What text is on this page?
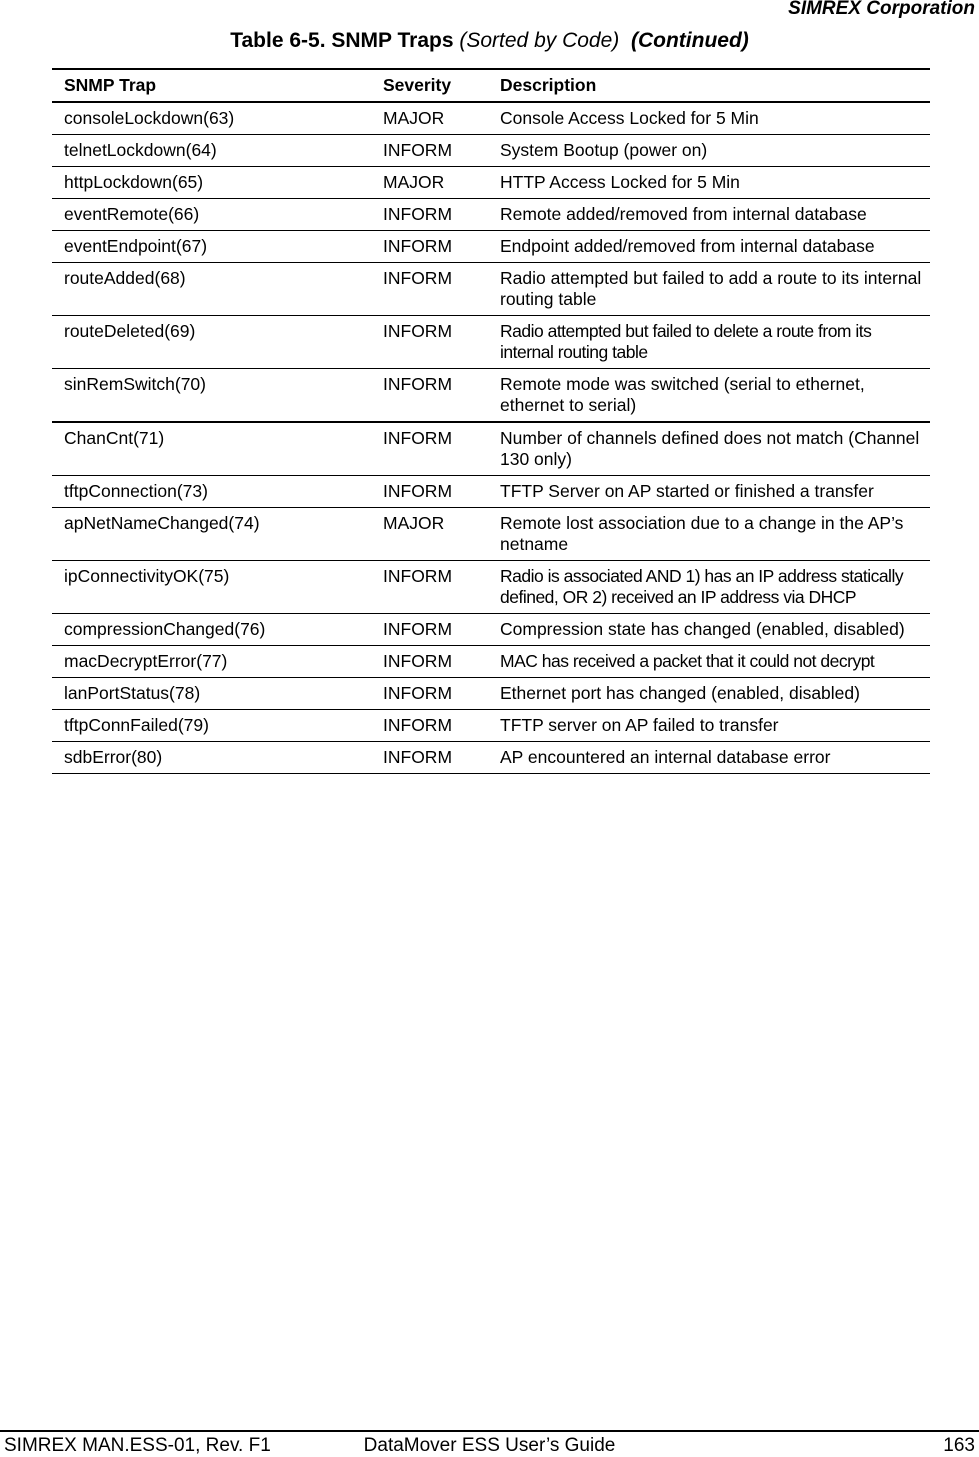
SIMREX Corporation
Table 6-5. SNMP Traps (Sorted by Code) (Continued)
SNMP Trap	Severity	Description
consoleLockdown(63)	MAJOR	Console Access Locked for 5 Min
telnetLockdown(64)	INFORM	System Bootup (power on)
httpLockdown(65)	MAJOR	HTTP Access Locked for 5 Min
eventRemote(66)	INFORM	Remote added/removed from internal database
eventEndpoint(67)	INFORM	Endpoint added/removed from internal database
routeAdded(68)	INFORM	Radio attempted but failed to add a route to its internal routing table
routeDeleted(69)	INFORM	Radio attempted but failed to delete a route from its internal routing table
sinRemSwitch(70)	INFORM	Remote mode was switched (serial to ethernet, ethernet to serial)
ChanCnt(71)	INFORM	Number of channels defined does not match (Channel 130 only)
tftpConnection(73)	INFORM	TFTP Server on AP started or finished a transfer
apNetNameChanged(74)	MAJOR	Remote lost association due to a change in the AP’s netname
ipConnectivityOK(75)	INFORM	Radio is associated AND 1) has an IP address statically defined, OR 2) received an IP address via DHCP
compressionChanged(76)	INFORM	Compression state has changed (enabled, disabled)
macDecryptError(77)	INFORM	MAC has received a packet that it could not decrypt
lanPortStatus(78)	INFORM	Ethernet port has changed (enabled, disabled)
tftpConnFailed(79)	INFORM	TFTP server on AP failed to transfer
sdbError(80)	INFORM	AP encountered an internal database error
SIMREX MAN.ESS-01, Rev. F1	DataMover ESS User’s Guide	163
